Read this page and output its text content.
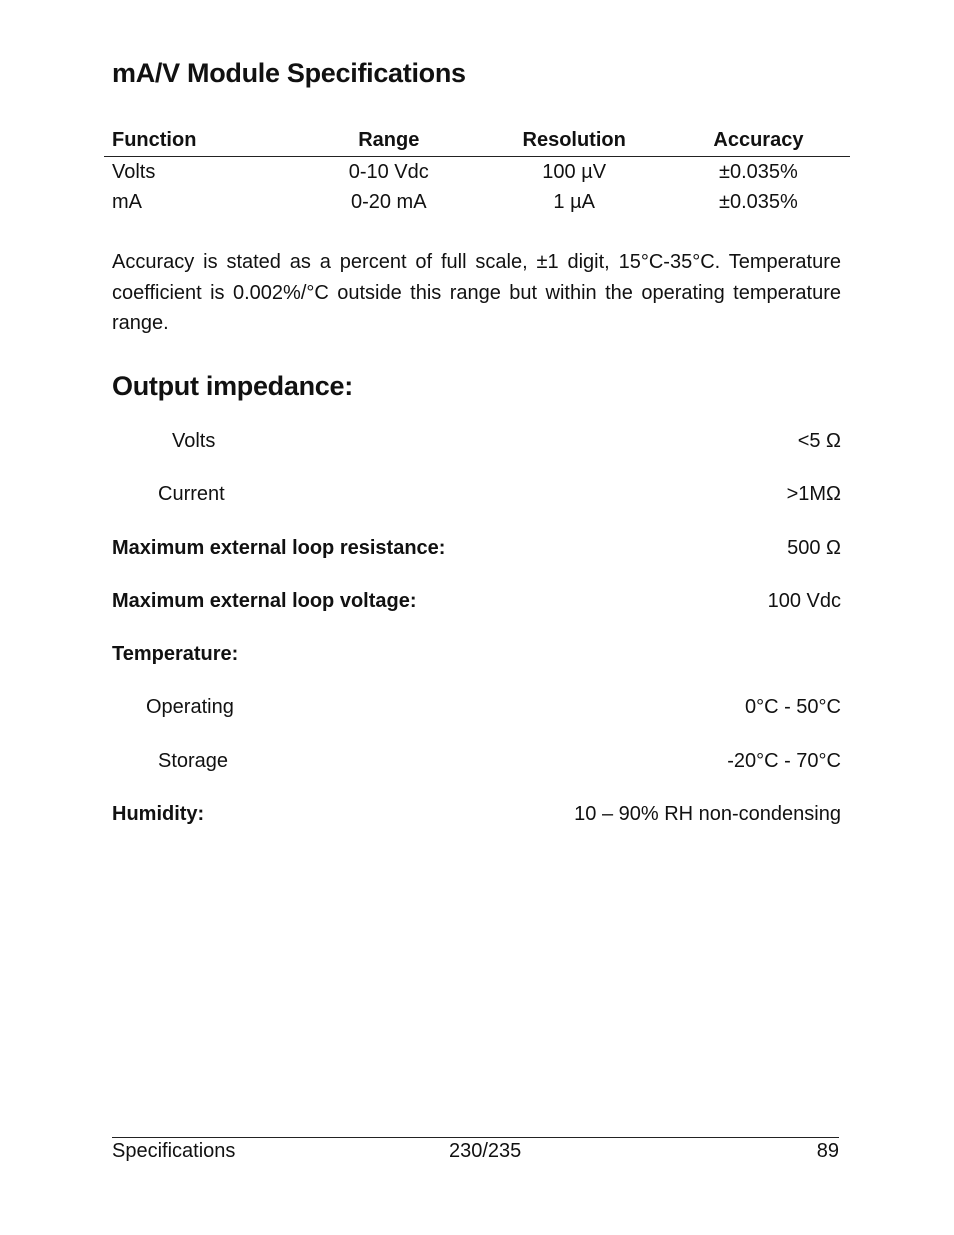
mA/V Module Specifications
Function	Range	Resolution	Accuracy
Volts	0-10 Vdc	100 µV	±0.035%
mA	0-20 mA	1 µA	±0.035%

Accuracy is stated as a percent of full scale, ±1 digit, 15°C-35°C. Temperature coefficient is 0.002%/°C outside this range but within the operating temperature range.

Output impedance:
Volts	<5 Ω
Current	>1MΩ
Maximum external loop resistance:	500 Ω
Maximum external loop voltage:	100 Vdc
Temperature:
Operating	0°C - 50°C
Storage	-20°C - 70°C
Humidity:	10 – 90% RH non-condensing
Specifications	230/235	89
